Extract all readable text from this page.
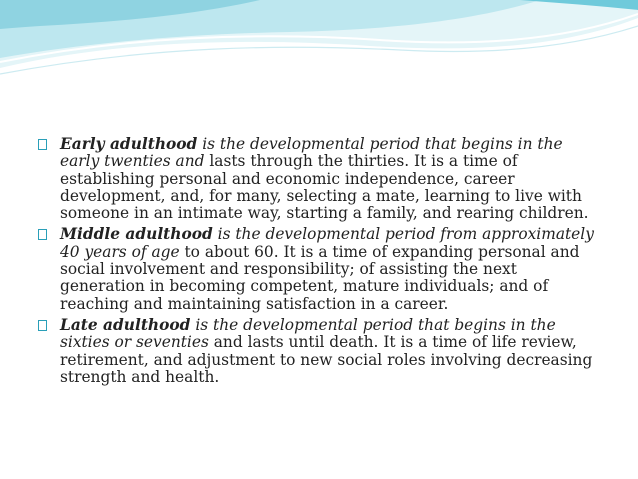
Early adulthood is the developmental period that begins in the early twenties and lasts through the thirties. It is a time of establishing personal and economic independence, career development, and, for many, selecting a mate, learning to live with someone in an intimate way, starting a family, and rearing children.

Middle adulthood is the developmental period from approximately 40 years of age to about 60. It is a time of expanding personal and social involvement and responsibility; of assisting the next generation in becoming competent, mature individuals; and of reaching and maintaining satisfaction in a career.

Late adulthood is the developmental period that begins in the sixties or seventies and lasts until death. It is a time of life review, retirement, and adjustment to new social roles involving decreasing strength and health.
